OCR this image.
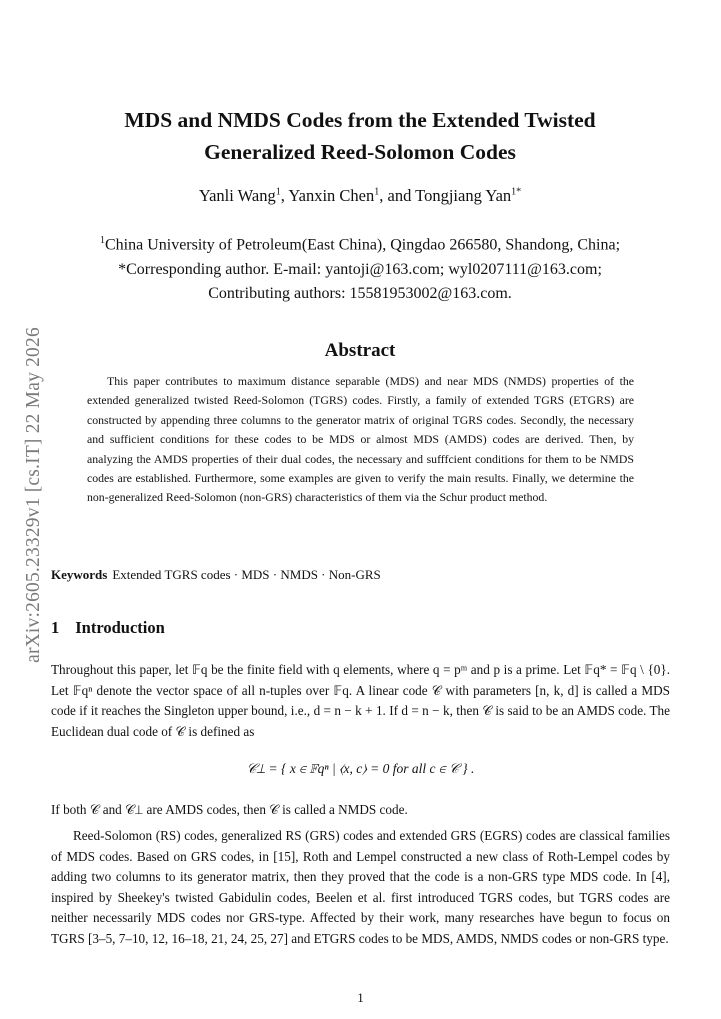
arXiv:2605.23329v1 [cs.IT] 22 May 2026
MDS and NMDS Codes from the Extended Twisted
Generalized Reed-Solomon Codes
Yanli Wang$^1$, Yanxin Chen$^1$, and Tongjiang Yan$^{1*}$
$^1$China University of Petroleum(East China), Qingdao 266580, Shandong, China;
*Corresponding author. E-mail: yantoji@163.com; wyl0207111@163.com;
Contributing authors: 15581953002@163.com.
Abstract
This paper contributes to maximum distance separable (MDS) and near MDS (NMDS) properties of the extended generalized twisted Reed-Solomon (TGRS) codes. Firstly, a family of extended TGRS (ETGRS) are constructed by appending three columns to the generator matrix of original TGRS codes. Secondly, the necessary and sufficient conditions for these codes to be MDS or almost MDS (AMDS) codes are derived. Then, by analyzing the AMDS properties of their dual codes, the necessary and sufffcient conditions for them to be NMDS codes are established. Furthermore, some examples are given to verify the main results. Finally, we determine the non-generalized Reed-Solomon (non-GRS) characteristics of them via the Schur product method.
Keywords Extended TGRS codes · MDS · NMDS · Non-GRS
1 Introduction
Throughout this paper, let 𝔽q be the finite field with q elements, where q = pᵐ and p is a prime. Let 𝔽q* = 𝔽q \ {0}. Let 𝔽qⁿ denote the vector space of all n-tuples over 𝔽q. A linear code 𝒞 with parameters [n, k, d] is called a MDS code if it reaches the Singleton upper bound, i.e., d = n − k + 1. If d = n − k, then 𝒞 is said to be an AMDS code. The Euclidean dual code of 𝒞 is defined as
𝒞⊥ = { x ∈ 𝔽qⁿ | ⟨x, c⟩ = 0 for all c ∈ 𝒞 } .
If both 𝒞 and 𝒞⊥ are AMDS codes, then 𝒞 is called a NMDS code.
Reed-Solomon (RS) codes, generalized RS (GRS) codes and extended GRS (EGRS) codes are classical families of MDS codes. Based on GRS codes, in [15], Roth and Lempel constructed a new class of Roth-Lempel codes by adding two columns to its generator matrix, then they proved that the code is a non-GRS type MDS code. In [4], inspired by Sheekey's twisted Gabidulin codes, Beelen et al. first introduced TGRS codes, but TGRS codes are neither necessarily MDS codes nor GRS-type. Affected by their work, many researches have begun to focus on TGRS [3–5, 7–10, 12, 16–18, 21, 24, 25, 27] and ETGRS codes to be MDS, AMDS, NMDS codes or non-GRS type.
1
